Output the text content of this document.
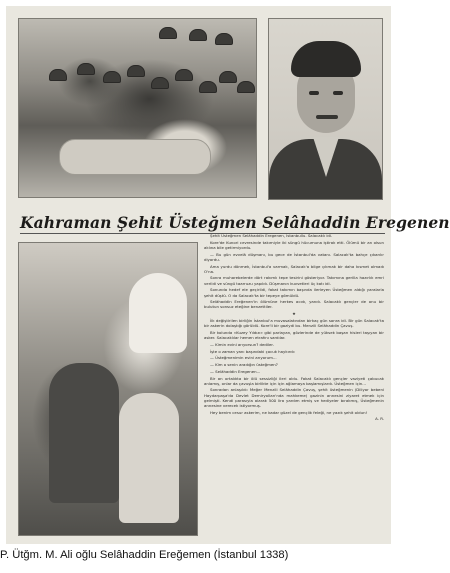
Kahraman Şehit Üsteğmen Selâhaddin Eregenen

Şehit Üsteğmen Selâhaddin Eregenen, İstanbullu. Salacaklı idi.

Kore'de Kunori cevresinde takımiyle iki süngü hücumuna iştirak etti. Ölümü bir an olsun aklına bile getirmiyordu.

— Bu gün evvelâ düşmanı, bu gece de İstanbul'da vatanı. Salacak'ta bahçe çıkarılır diyordu.

Ama yurdu dönmek, İstanbul'a varmak, Salacak'a bilge çıkmak bir daha kısmet olmadı O'na.

Sonra muharebelerde dört rakımlı tepe tesirini gösteriyor. Takımına gerilla hazırlık emri verildi ve süngü taarruzu yapıldı. Düşmanın kuvvetleri üç katı idi.

Sonunda hedef ele geçirildi, fakat takımın başında ilerleyen Üsteğmen aldığı yaralarla şehit düştü. O da Salacak'ta bir tepeye gömüldü.

Selâhaddin Ereğenen'in ölümüne herkes acıdı, yandı. Salacaklı gençler de onu bir bulutun sonsuz eteğine benzettiler.

★

İlk değiştirilen birliğin İstanbul'a muvasalatından birkaç gün sonra idi. Bir gün Salacak'ta bir askerin dolaştığı görüldü. Kore'li bir gaziydi bu. Menzili Selâhaddin Çavuş.

Bir kolunda «Kuzey Yıldızı» gibi parlayan, gözlerinde de yüksek başarı hisleri taşıyan bir asker. Salacaklılar hemen etrafını sardılar.

— Kimin evini arıyorsun? dediler.

İşte o zaman yanı başındaki çocuk haykırdı:

— Üsteğmenimin evini arıyorum...

— Kim o senin aradığın üsteğmen?

— Selâhaddin Eregenen...

Bir an ortalıkta bir ölü sessizliği ileri oldu. Fakat Salacaklı gençler vaziyeti çabucak anlamış, onlar da çavuşla birlikte için için ağlamaya başlamışlardı. Üsteğmen için...

Sonradan anlaşıldı: Meğer Menzili Selâhaddin Çavuş, şehit üsteğmenin (Diliyor bebeni Haydarpaşa'da Devlet Demiryolları'nda mahkeme) gazinin annesini ziyaret etmek için gelmişti. Kendi parasıyla alarak 500 lira yardım etmiş ve hediyeler bırakmış, Üsteğmenin annesine verecek istiyormuş.

Hey benim cesur askerim, ne kadar güzel de gençlik feleği, ne yazık şehit oldun!

A. R.

P. Ütğm. M. Ali oğlu Selâhaddin Ereğemen (İstanbul 1338)
